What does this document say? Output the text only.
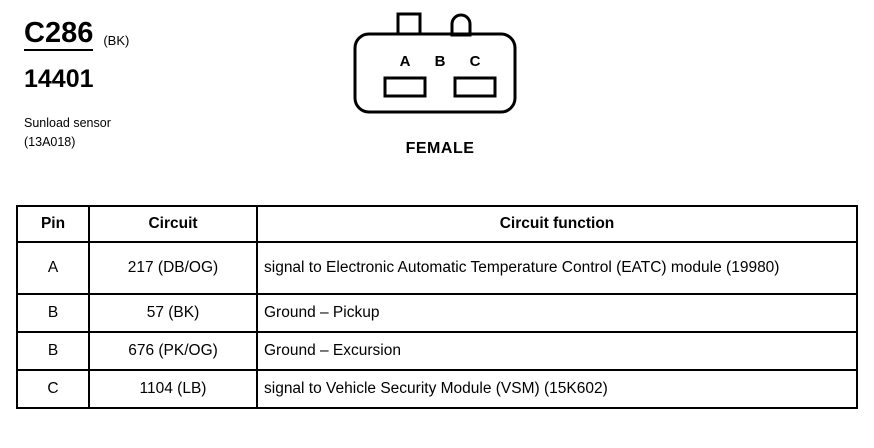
C286 (BK)
14401
Sunload sensor
(13A018)
A B C
FEMALE
Pin	Circuit	Circuit function
A	217 (DB/OG)	signal to Electronic Automatic Temperature Control (EATC) module (19980)
B	57 (BK)	Ground – Pickup
B	676 (PK/OG)	Ground – Excursion
C	1104 (LB)	signal to Vehicle Security Module (VSM) (15K602)
